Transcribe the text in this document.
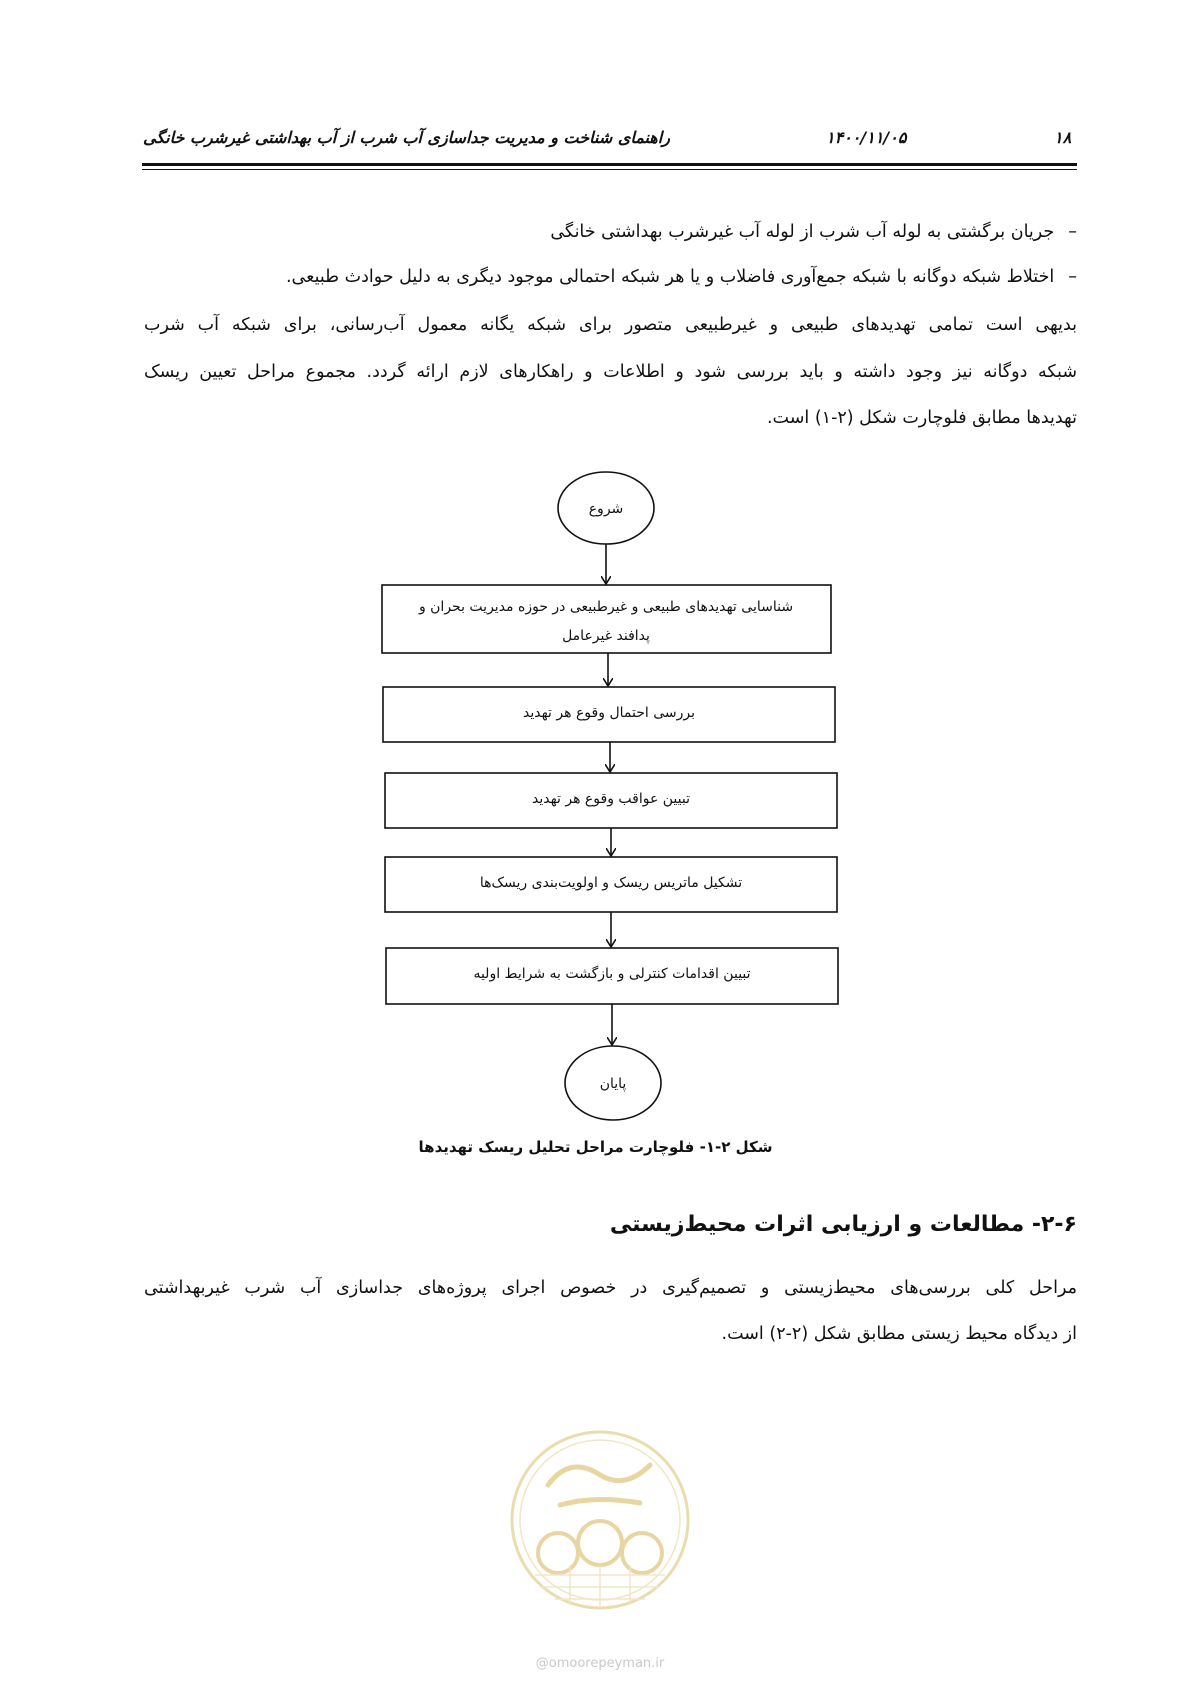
راهنمای شناخت و مدیریت جداسازی آب شرب از آب بهداشتی غیرشرب خانگی	۱۴۰۰/۱۱/۰۵	۱۸
–جریان برگشتی به لوله آب شرب از لوله آب غیرشرب بهداشتی خانگی
–اختلاط شبکه دوگانه با شبکه جمع‌آوری فاضلاب و یا هر شبکه احتمالی موجود دیگری به دلیل حوادث طبیعی.
بدیهی است تمامی تهدیدهای طبیعی و غیرطبیعی متصور برای شبکه یگانه معمول آب‌رسانی، برای شبکه آب شرب
شبکه دوگانه نیز وجود داشته و باید بررسی شود و اطلاعات و راهکارهای لازم ارائه گردد. مجموع مراحل تعیین ریسک
تهدیدها مطابق فلوچارت شکل (۲-۱) است.
شروع
شناسایی تهدیدهای طبیعی و غیرطبیعی در حوزه مدیریت بحران و
پدافند غیرعامل
بررسی احتمال وقوع هر تهدید
تبیین عواقب وقوع هر تهدید
تشکیل ماتریس ریسک و اولویت‌بندی ریسک‌ها
تبیین اقدامات کنترلی و بازگشت به شرایط اولیه
پایان
شکل ۲-۱- فلوچارت مراحل تحلیل ریسک تهدیدها
۲-۶- مطالعات و ارزیابی اثرات محیط‌زیستی
مراحل کلی بررسی‌های محیط‌زیستی و تصمیم‌گیری در خصوص اجرای پروژه‌های جداسازی آب شرب غیربهداشتی
از دیدگاه محیط زیستی مطابق شکل (۲-۲) است.
@omoorepeyman.ir
